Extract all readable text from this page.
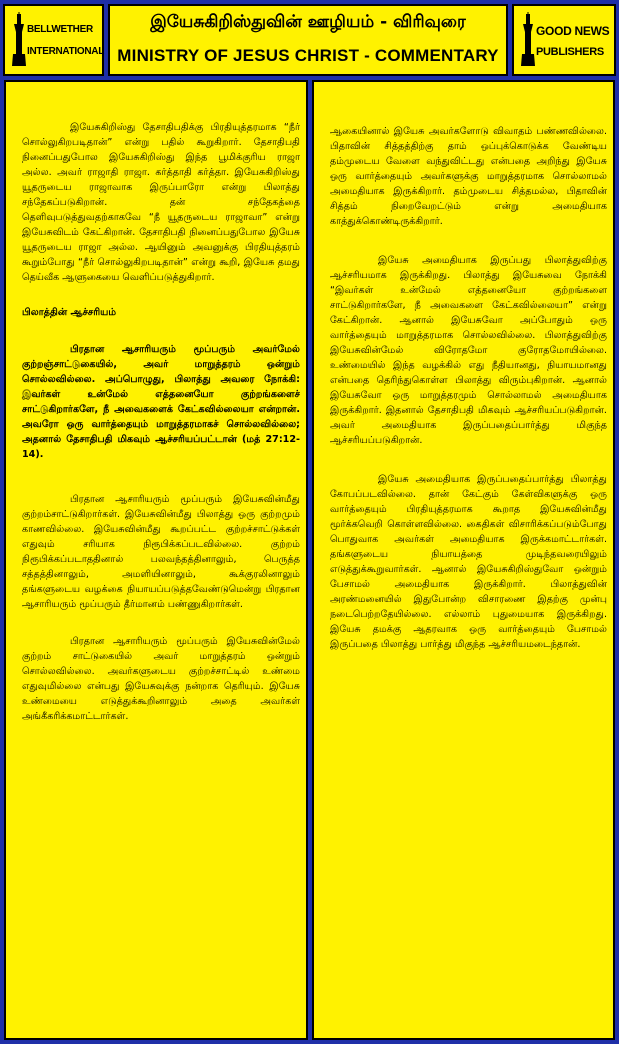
BELLWETHER
INTERNATIONAL
இயேசுகிறிஸ்துவின் ஊழியம் - விரிவுரை
MINISTRY OF JESUS CHRIST - COMMENTARY
GOOD NEWS
PUBLISHERS

இயேசுகிறிஸ்து தேசாதிபதிக்கு பிரதியுத்தரமாக “நீர் சொல்லுகிறபடிதான்” என்று பதில் கூறுகிறார். தேசாதிபதி நினைப்பதுபோல இயேசுகிறிஸ்து இந்த பூமிக்குரிய ராஜா அல்ல. அவர் ராஜாதி ராஜா. கர்த்தாதி கர்த்தா. இயேசுகிறிஸ்து யூதருடைய ராஜாவாக இருப்பாரோ என்று பிலாத்து சந்தேகப்படுகிறான். தன் சந்தேகத்தை தெளிவுபடுத்துவதற்காகவே “நீ யூதருடைய ராஜாவா” என்று இயேசுவிடம் கேட்கிறான். தேசாதிபதி நினைப்பதுபோல இயேசு யூதருடைய ராஜா அல்ல. ஆயினும் அவனுக்கு பிரதியுத்தரம் கூறும்போது “நீர் சொல்லுகிறபடிதான்” என்று கூறி, இயேசு தமது தெய்வீக ஆளுகையை வெளிப்படுத்துகிறார்.

பிலாத்தின் ஆச்சரியம்

பிரதான ஆசாரியரும் மூப்பரும் அவர்மேல் குற்றஞ்சாட்டுகையில், அவர் மாறுத்தரம் ஒன்றும் சொல்லவில்லை. அப்பொழுது, பிலாத்து அவரை நோக்கி: இவர்கள் உன்மேல் எத்தனையோ குற்றங்களைச் சாட்டுகிறார்களே, நீ அவைகளைக் கேட்கவில்லையா என்றான். அவரோ ஒரு வார்த்தையும் மாறுத்தரமாகச் சொல்லவில்லை; அதனால் தேசாதிபதி மிகவும் ஆச்சரியப்பட்டான் (மத் 27:12-14).

பிரதான ஆசாரியரும் மூப்பரும் இயேசுவின்மீது குற்றம்சாட்டுகிறார்கள். இயேசுவின்மீது பிலாத்து ஒரு குற்றமும் காணவில்லை. இயேசுவின்மீது கூறப்பட்ட குற்றச்சாட்டுக்கள் எதுவும் சரியாக நிரூபிக்கப்படவில்லை. குற்றம் நிரூபிக்கப்படாததினால் பலவந்தத்தினாலும், பெருத்த சத்தத்தினாலும், அமளியினாலும், கூக்குரலினாலும் தங்களுடைய வழக்கை நியாயப்படுத்தவேண்டுமென்று பிரதான ஆசாரியரும் மூப்பரும் தீர்மானம் பண்ணுகிறார்கள்.

பிரதான ஆசாரியரும் மூப்பரும் இயேசுவின்மேல் குற்றம் சாட்டுகையில் அவர் மாறுத்தரம் ஒன்றும் சொல்லவில்லை. அவர்களுடைய குற்றச்சாட்டில் உண்மை எதுவுமில்லை என்பது இயேசுவுக்கு நன்றாக தெரியும். இயேசு உண்மையை எடுத்துக்கூறினாலும் அதை அவர்கள் அங்கீகரிக்கமாட்டார்கள்.

ஆகையினால் இயேசு அவர்களோடு விவாதம் பண்ணவில்லை. பிதாவின் சித்தத்திற்கு தாம் ஒப்புக்கொடுக்க வேண்டிய தம்முடைய வேளை வந்துவிட்டது என்பதை அறிந்து இயேசு ஒரு வார்த்தையும் அவர்களுக்கு மாறுத்தரமாக சொல்லாமல் அமைதியாக இருக்கிறார். தம்முடைய சித்தமல்ல, பிதாவின் சித்தம் நிறைவேறட்டும் என்று அமைதியாக காத்துக்கொண்டிருக்கிறார்.

இயேசு அமைதியாக இருப்பது பிலாத்துவிற்கு ஆச்சரியமாக இருக்கிறது. பிலாத்து இயேசுவை நோக்கி “இவர்கள் உன்மேல் எத்தனையோ குற்றங்களை சாட்டுகிறார்களே, நீ அவைகளை கேட்கவில்லையா” என்று கேட்கிறான். ஆனால் இயேசுவோ அப்போதும் ஒரு வார்த்தையும் மாறுத்தரமாக சொல்லவில்லை. பிலாத்துவிற்கு இயேசுவின்மேல் விரோதமோ குரோதமோயில்லை. உண்மையில் இந்த வழக்கில் எது நீதியானது, நியாயமானது என்பதை தெரிந்துகொள்ள பிலாத்து விரும்புகிறான். ஆனால் இயேசுவோ ஒரு மாறுத்தரமும் சொல்லாமல் அமைதியாக இருக்கிறார். இதனால் தேசாதிபதி மிகவும் ஆச்சரியப்படுகிறான். அவர் அமைதியாக இருப்பதைப்பார்த்து மிகுந்த ஆச்சரியப்படுகிறான்.

இயேசு அமைதியாக இருப்பதைப்பார்த்து பிலாத்து கோபப்படவில்லை. தான் கேட்கும் கேள்விகளுக்கு ஒரு வார்த்தையும் பிரதியுத்தரமாக கூறாத இயேசுவின்மீது மூர்க்கவெறி கொள்ளவில்லை. கைதிகள் விசாரிக்கப்படும்போது பொதுவாக அவர்கள் அமைதியாக இருக்கமாட்டார்கள். தங்களுடைய நியாயத்தை முடிந்தவரையிலும் எடுத்துக்கூறுவார்கள். ஆனால் இயேசுகிறிஸ்துவோ ஒன்றும் பேசாமல் அமைதியாக இருக்கிறார். பிலாத்துவின் அரண்மனையில் இதுபோன்ற விசாரணை இதற்கு முன்பு நடைபெற்றதேயில்லை. எல்லாம் புதுமையாக இருக்கிறது. இயேசு தமக்கு ஆதரவாக ஒரு வார்த்தையும் பேசாமல் இருப்பதை பிலாத்து பார்த்து மிகுந்த ஆச்சரியமடைந்தான்.
